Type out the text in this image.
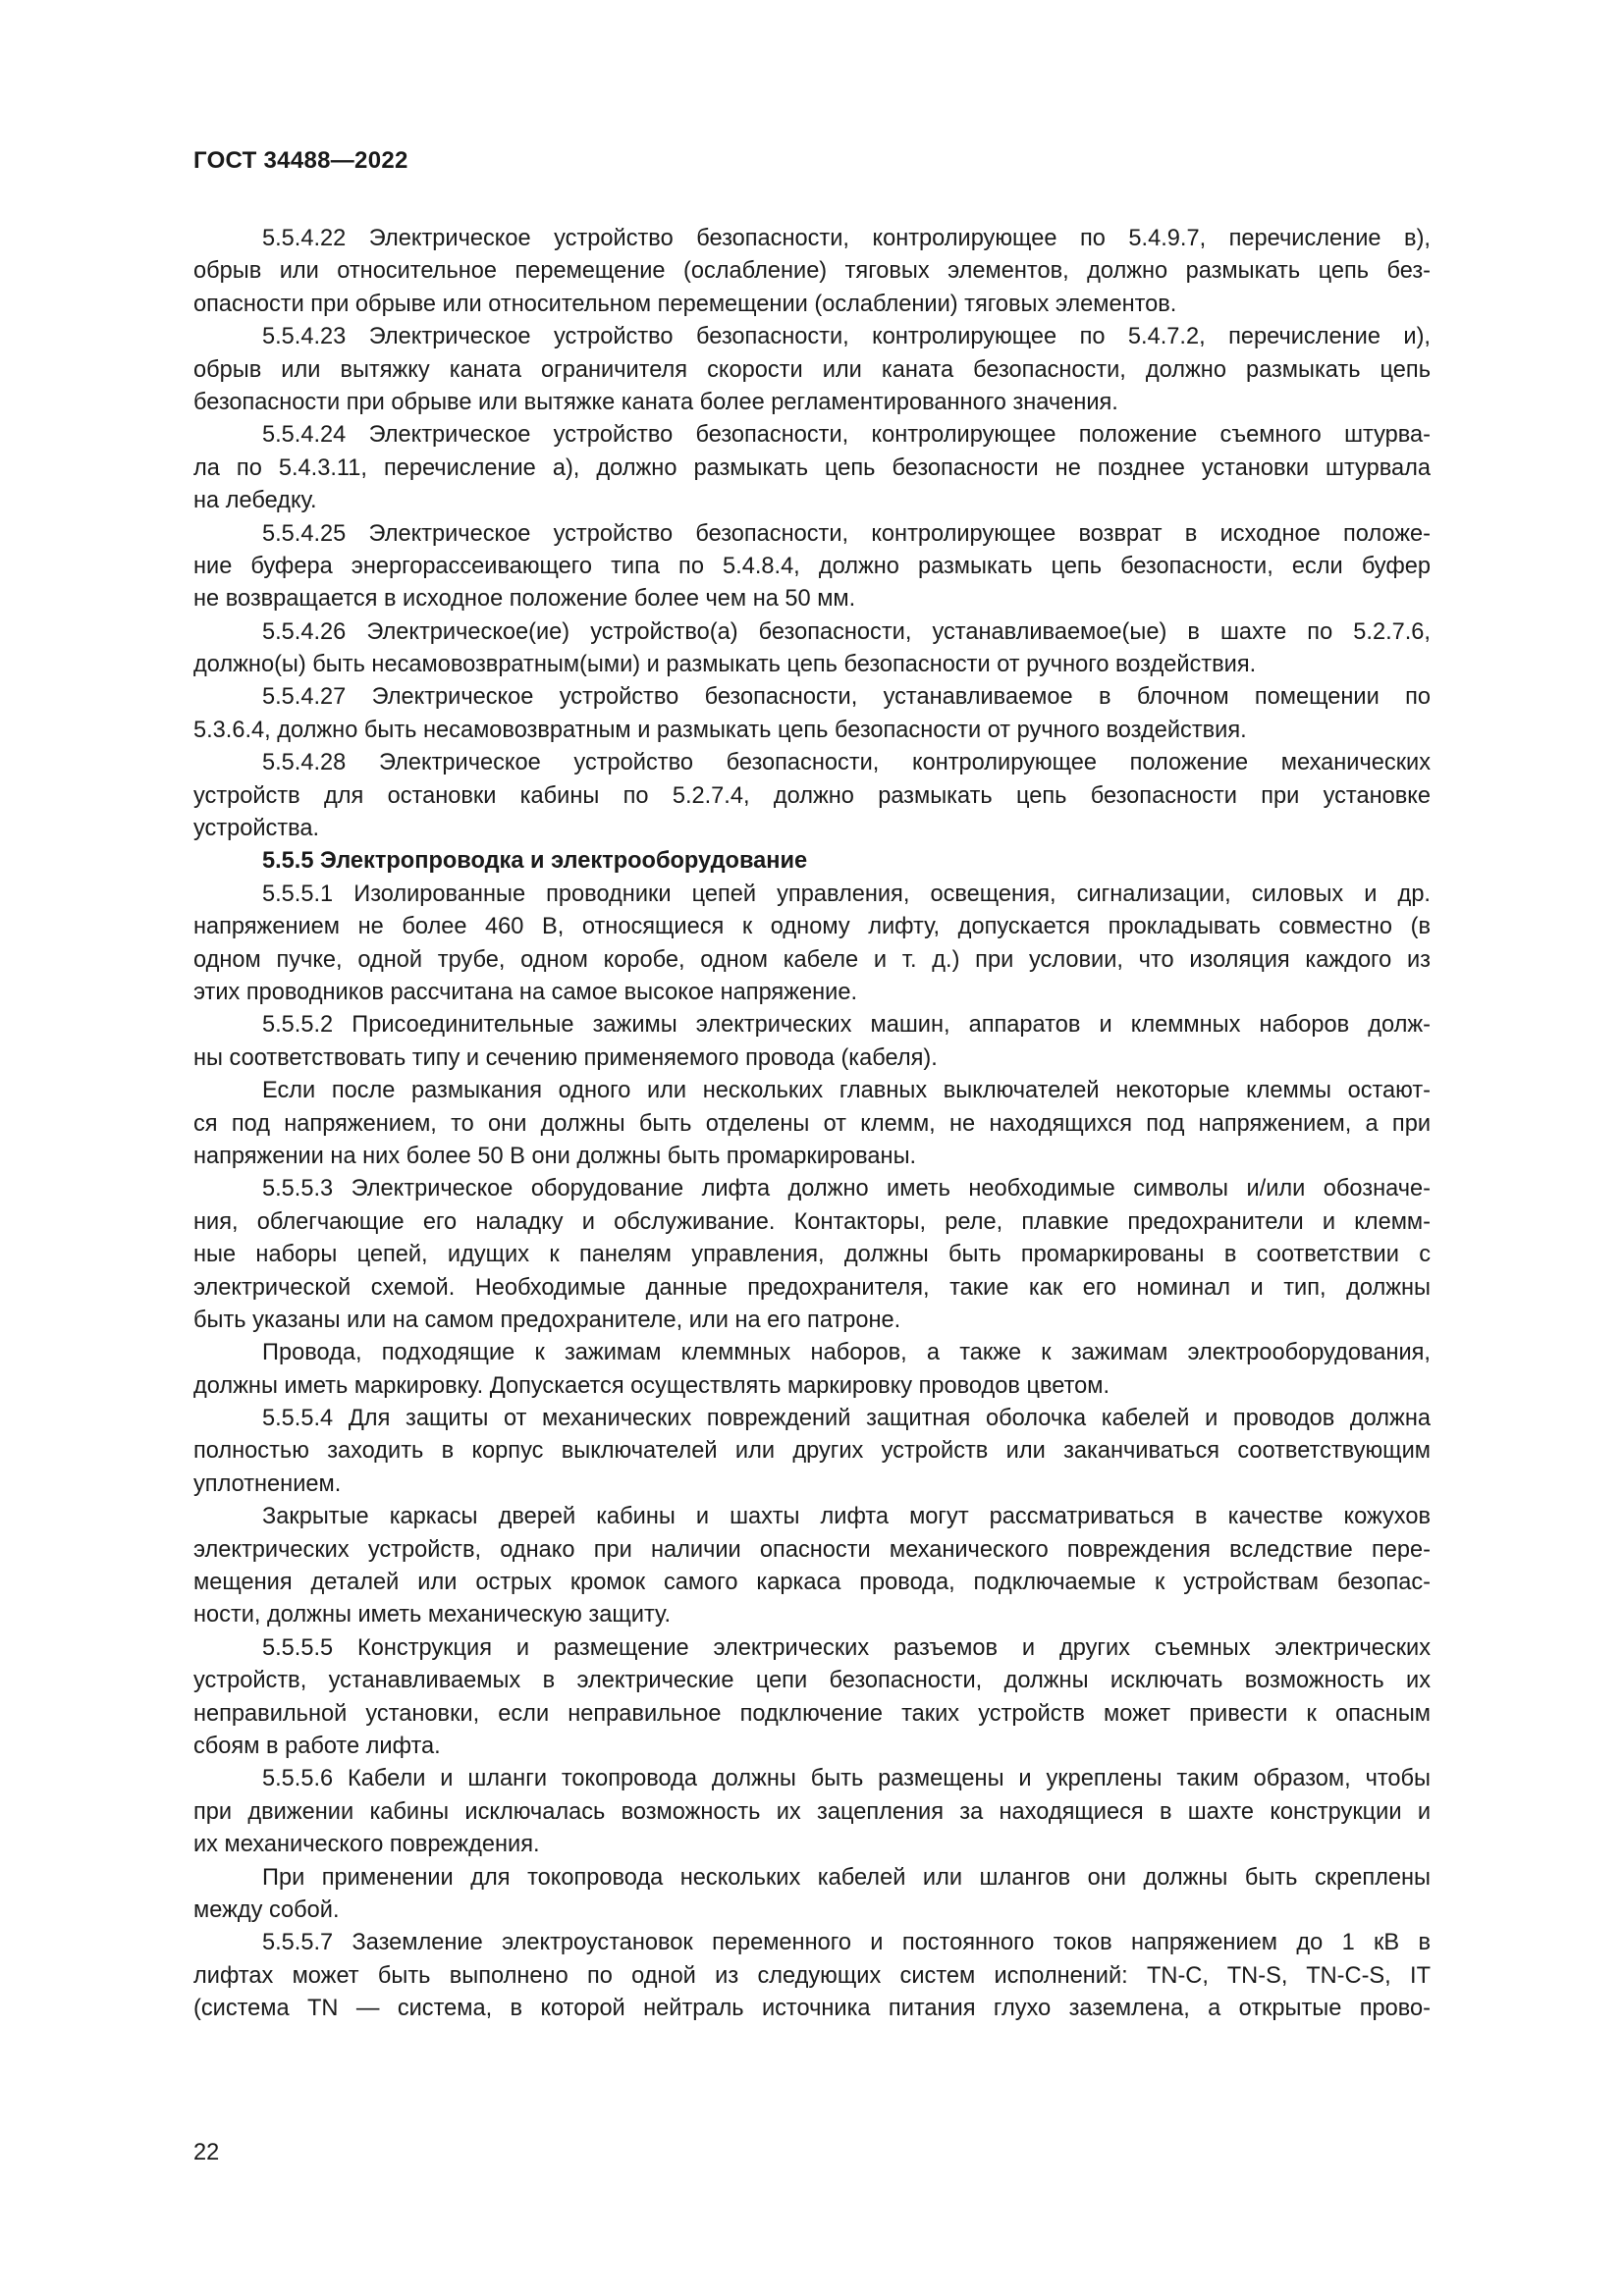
ГОСТ 34488—2022
5.5.4.22 Электрическое устройство безопасности, контролирующее по 5.4.9.7, перечисление в),
обрыв или относительное перемещение (ослабление) тяговых элементов, должно размыкать цепь без-
опасности при обрыве или относительном перемещении (ослаблении) тяговых элементов.
5.5.4.23 Электрическое устройство безопасности, контролирующее по 5.4.7.2, перечисление и),
обрыв или вытяжку каната ограничителя скорости или каната безопасности, должно размыкать цепь
безопасности при обрыве или вытяжке каната более регламентированного значения.
5.5.4.24 Электрическое устройство безопасности, контролирующее положение съемного штурва-
ла по 5.4.3.11, перечисление а), должно размыкать цепь безопасности не позднее установки штурвала
на лебедку.
5.5.4.25 Электрическое устройство безопасности, контролирующее возврат в исходное положе-
ние буфера энергорассеивающего типа по 5.4.8.4, должно размыкать цепь безопасности, если буфер
не возвращается в исходное положение более чем на 50 мм.
5.5.4.26 Электрическое(ие) устройство(а) безопасности, устанавливаемое(ые) в шахте по 5.2.7.6,
должно(ы) быть несамовозвратным(ыми) и размыкать цепь безопасности от ручного воздействия.
5.5.4.27 Электрическое устройство безопасности, устанавливаемое в блочном помещении по
5.3.6.4, должно быть несамовозвратным и размыкать цепь безопасности от ручного воздействия.
5.5.4.28 Электрическое устройство безопасности, контролирующее положение механических
устройств для остановки кабины по 5.2.7.4, должно размыкать цепь безопасности при установке
устройства.
5.5.5 Электропроводка и электрооборудование
5.5.5.1 Изолированные проводники цепей управления, освещения, сигнализации, силовых и др.
напряжением не более 460 В, относящиеся к одному лифту, допускается прокладывать совместно (в
одном пучке, одной трубе, одном коробе, одном кабеле и т. д.) при условии, что изоляция каждого из
этих проводников рассчитана на самое высокое напряжение.
5.5.5.2 Присоединительные зажимы электрических машин, аппаратов и клеммных наборов долж-
ны соответствовать типу и сечению применяемого провода (кабеля).
Если после размыкания одного или нескольких главных выключателей некоторые клеммы остают-
ся под напряжением, то они должны быть отделены от клемм, не находящихся под напряжением, а при
напряжении на них более 50 В они должны быть промаркированы.
5.5.5.3 Электрическое оборудование лифта должно иметь необходимые символы и/или обозначе-
ния, облегчающие его наладку и обслуживание. Контакторы, реле, плавкие предохранители и клемм-
ные наборы цепей, идущих к панелям управления, должны быть промаркированы в соответствии с
электрической схемой. Необходимые данные предохранителя, такие как его номинал и тип, должны
быть указаны или на самом предохранителе, или на его патроне.
Провода, подходящие к зажимам клеммных наборов, а также к зажимам электрооборудования,
должны иметь маркировку. Допускается осуществлять маркировку проводов цветом.
5.5.5.4 Для защиты от механических повреждений защитная оболочка кабелей и проводов должна
полностью заходить в корпус выключателей или других устройств или заканчиваться соответствующим
уплотнением.
Закрытые каркасы дверей кабины и шахты лифта могут рассматриваться в качестве кожухов
электрических устройств, однако при наличии опасности механического повреждения вследствие пере-
мещения деталей или острых кромок самого каркаса провода, подключаемые к устройствам безопас-
ности, должны иметь механическую защиту.
5.5.5.5 Конструкция и размещение электрических разъемов и других съемных электрических
устройств, устанавливаемых в электрические цепи безопасности, должны исключать возможность их
неправильной установки, если неправильное подключение таких устройств может привести к опасным
сбоям в работе лифта.
5.5.5.6 Кабели и шланги токопровода должны быть размещены и укреплены таким образом, чтобы
при движении кабины исключалась возможность их зацепления за находящиеся в шахте конструкции и
их механического повреждения.
При применении для токопровода нескольких кабелей или шлангов они должны быть скреплены
между собой.
5.5.5.7 Заземление электроустановок переменного и постоянного токов напряжением до 1 кВ в
лифтах может быть выполнено по одной из следующих систем исполнений: TN-C, TN-S, TN-C-S, IT
(система TN — система, в которой нейтраль источника питания глухо заземлена, а открытые прово-
22
